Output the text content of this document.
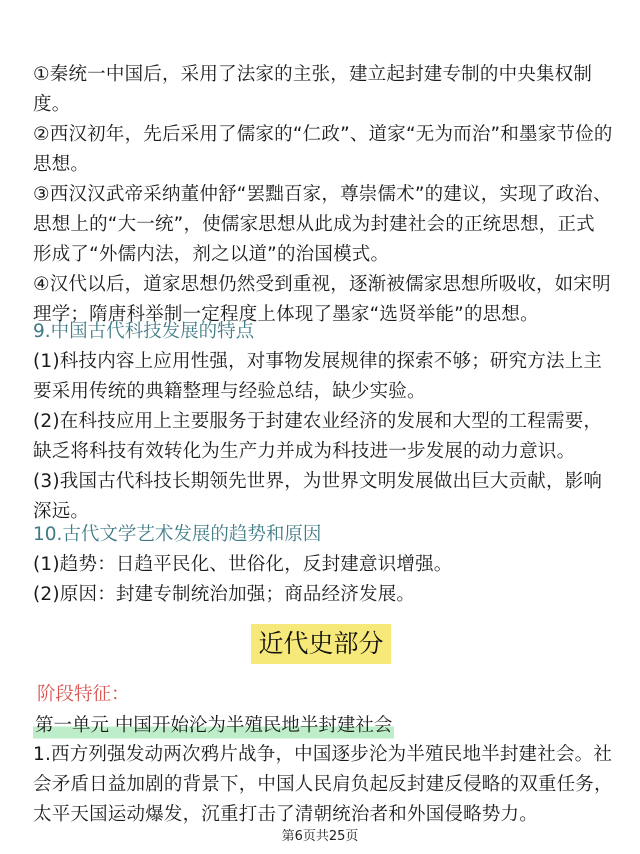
①秦统一中国后，采用了法家的主张，建立起封建专制的中央集权制度。

②西汉初年，先后采用了儒家的“仁政”、道家“无为而治”和墨家节俭的思想。

③西汉汉武帝采纳董仲舒“罢黜百家，尊崇儒术”的建议，实现了政治、思想上的“大一统”，使儒家思想从此成为封建社会的正统思想，正式形成了“外儒内法，剂之以道”的治国模式。

④汉代以后，道家思想仍然受到重视，逐渐被儒家思想所吸收，如宋明理学；隋唐科举制一定程度上体现了墨家“选贤举能”的思想。

9.中国古代科技发展的特点

(1)科技内容上应用性强，对事物发展规律的探索不够；研究方法上主要采用传统的典籍整理与经验总结，缺少实验。

(2)在科技应用上主要服务于封建农业经济的发展和大型的工程需要，缺乏将科技有效转化为生产力并成为科技进一步发展的动力意识。

(3)我国古代科技长期领先世界，为世界文明发展做出巨大贡献，影响深远。

10.古代文学艺术发展的趋势和原因

(1)趋势：日趋平民化、世俗化，反封建意识增强。

(2)原因：封建专制统治加强；商品经济发展。

近代史部分
阶段特征：
第一单元 中国开始沦为半殖民地半封建社会
1.西方列强发动两次鸦片战争，中国逐步沦为半殖民地半封建社会。社会矛盾日益加剧的背景下，中国人民肩负起反封建反侵略的双重任务，太平天国运动爆发，沉重打击了清朝统治者和外国侵略势力。
第6页共25页
